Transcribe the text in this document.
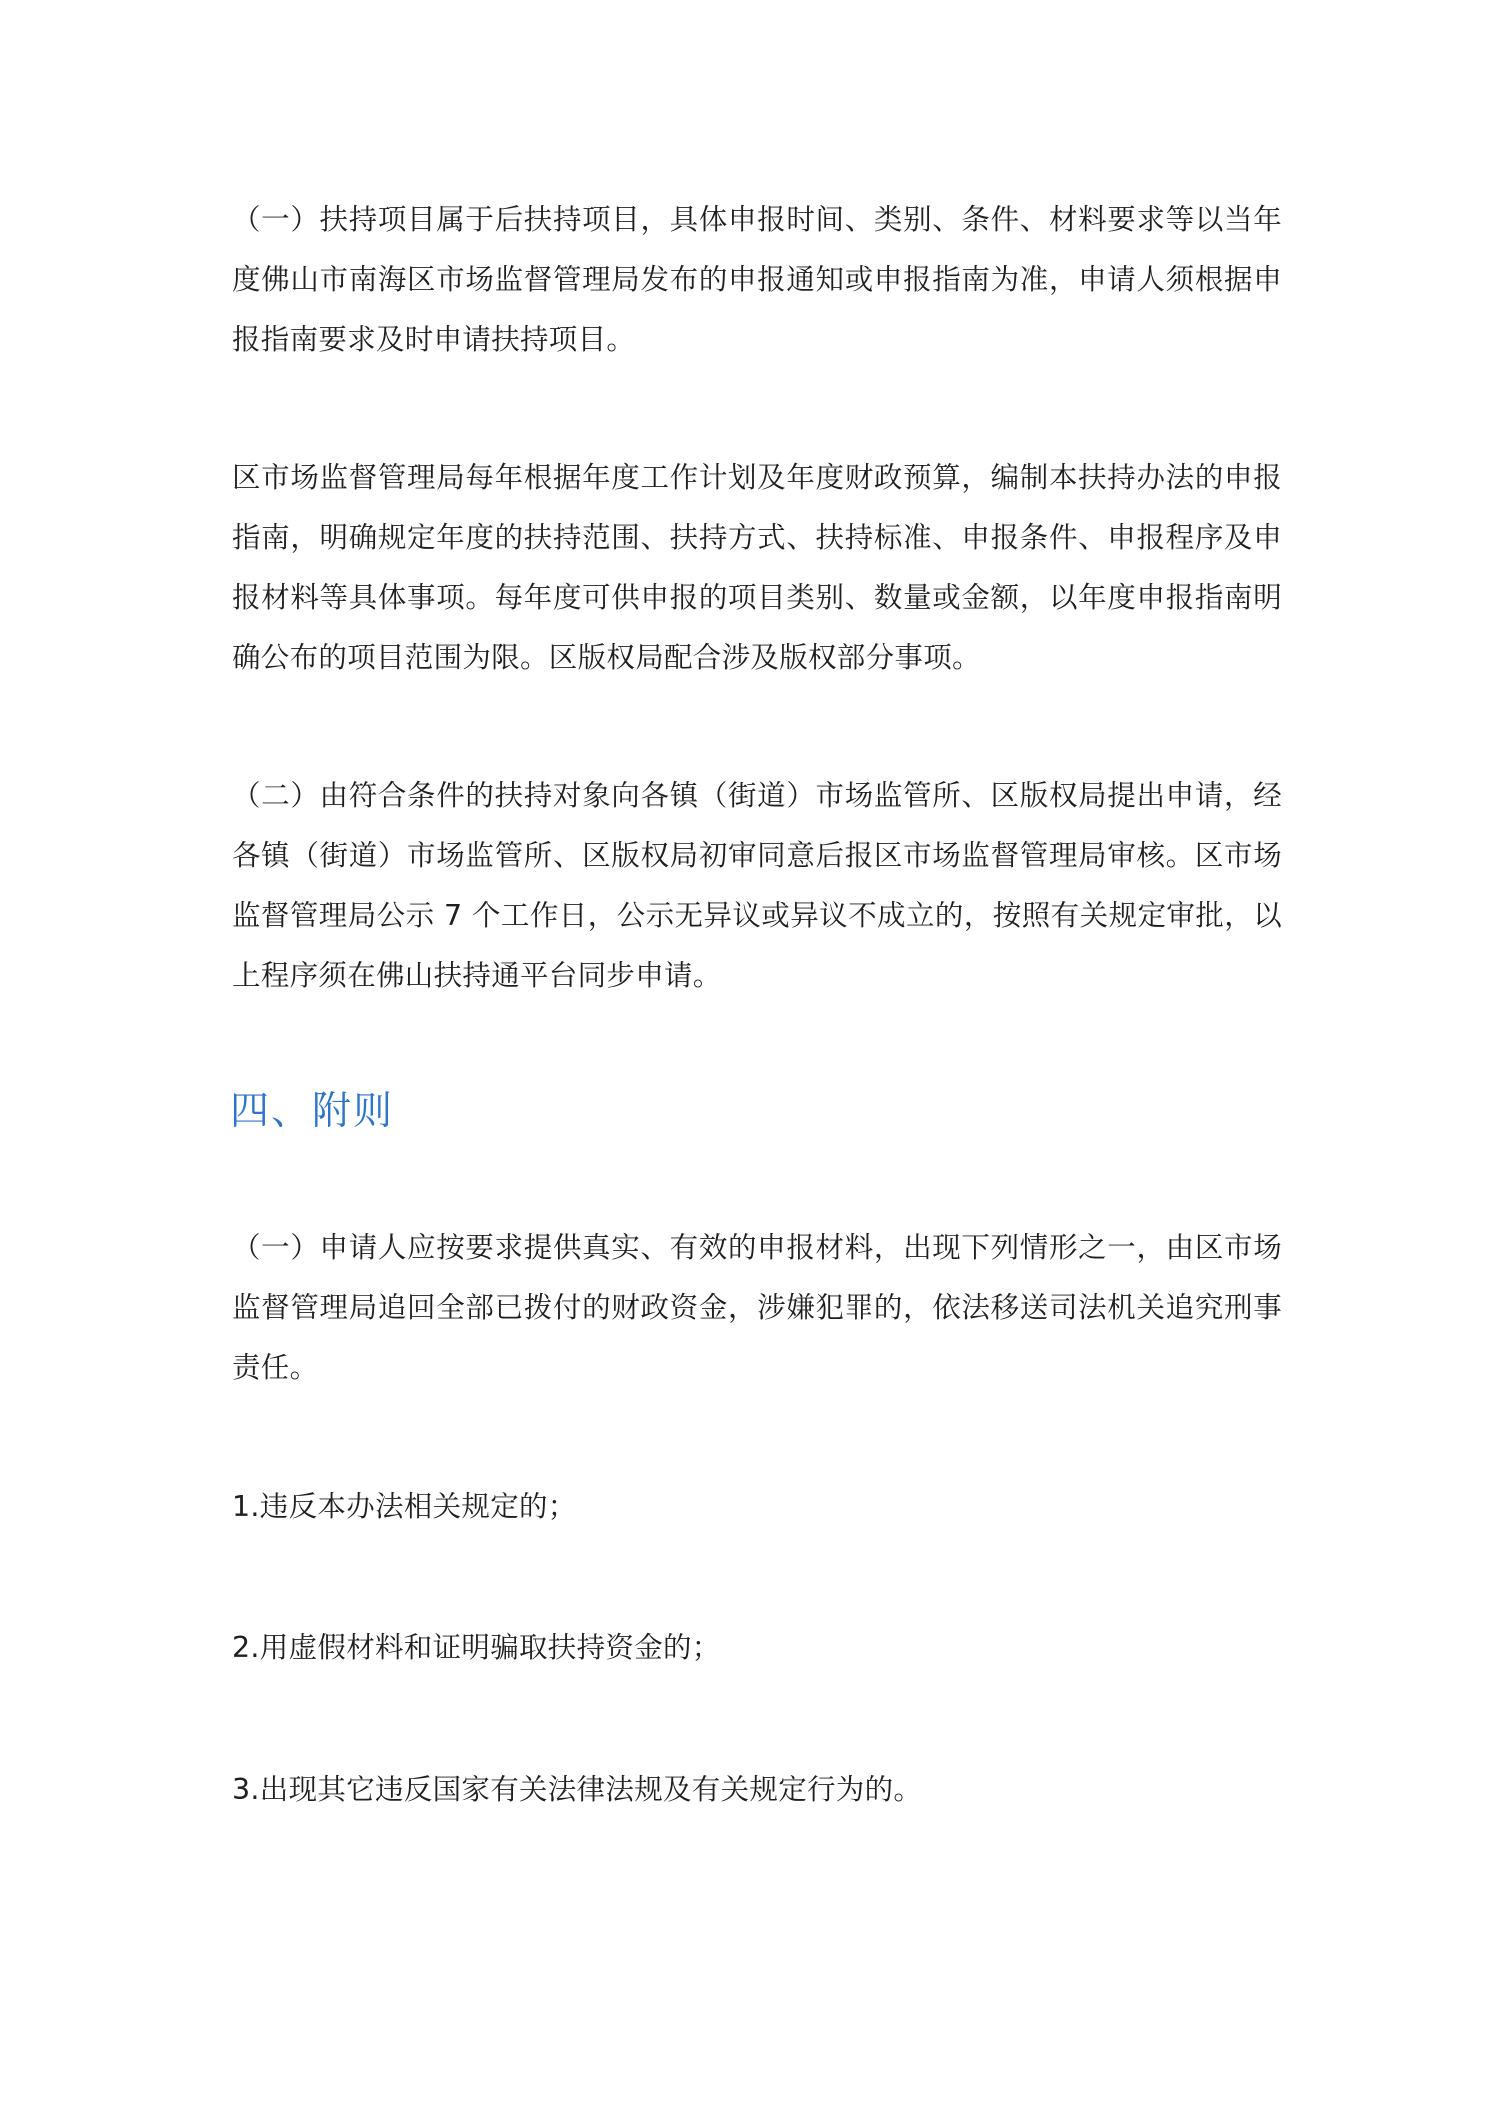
（一）扶持项目属于后扶持项目，具体申报时间、类别、条件、材料要求等以当年度佛山市南海区市场监督管理局发布的申报通知或申报指南为准，申请人须根据申报指南要求及时申请扶持项目。

区市场监督管理局每年根据年度工作计划及年度财政预算，编制本扶持办法的申报指南，明确规定年度的扶持范围、扶持方式、扶持标准、申报条件、申报程序及申报材料等具体事项。每年度可供申报的项目类别、数量或金额，以年度申报指南明确公布的项目范围为限。区版权局配合涉及版权部分事项。

（二）由符合条件的扶持对象向各镇（街道）市场监管所、区版权局提出申请，经各镇（街道）市场监管所、区版权局初审同意后报区市场监督管理局审核。区市场监督管理局公示 7 个工作日，公示无异议或异议不成立的，按照有关规定审批，以上程序须在佛山扶持通平台同步申请。

四、附则

（一）申请人应按要求提供真实、有效的申报材料，出现下列情形之一，由区市场监督管理局追回全部已拨付的财政资金，涉嫌犯罪的，依法移送司法机关追究刑事责任。

1.违反本办法相关规定的；

2.用虚假材料和证明骗取扶持资金的；

3.出现其它违反国家有关法律法规及有关规定行为的。
